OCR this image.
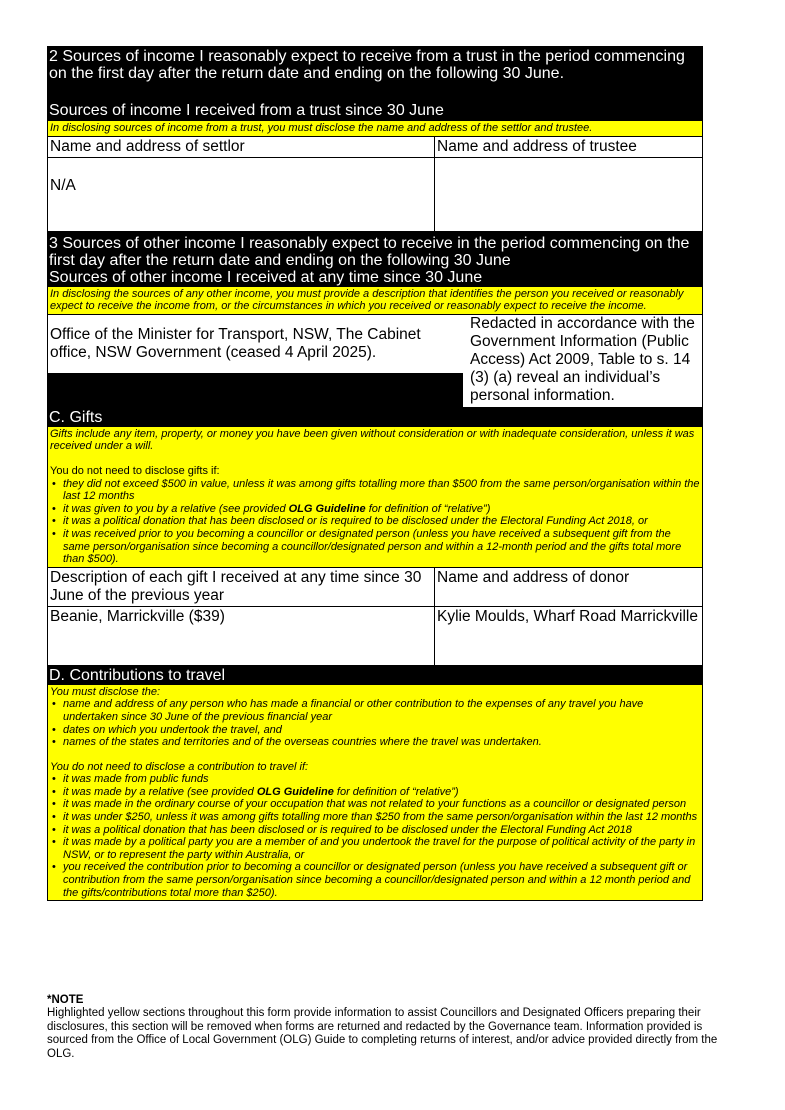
2 Sources of income I reasonably expect to receive from a trust in the period commencing on the first day after the return date and ending on the following 30 June.
Sources of income I received from a trust since 30 June
In disclosing sources of income from a trust, you must disclose the name and address of the settlor and trustee.
Name and address of settlor	Name and address of trustee
N/A
3 Sources of other income I reasonably expect to receive in the period commencing on the first day after the return date and ending on the following 30 June
Sources of other income I received at any time since 30 June
In disclosing the sources of any other income, you must provide a description that identifies the person you received or reasonably expect to receive the income from, or the circumstances in which you received or reasonably expect to receive the income.
Office of the Minister for Transport, NSW, The Cabinet office, NSW Government (ceased 4 April 2025).
Redacted in accordance with the Government Information (Public Access) Act 2009, Table to s. 14 (3) (a) reveal an individual’s personal information.
C. Gifts
Gifts include any item, property, or money you have been given without consideration or with inadequate consideration, unless it was received under a will.
You do not need to disclose gifts if:
• they did not exceed $500 in value, unless it was among gifts totalling more than $500 from the same person/organisation within the last 12 months
• it was given to you by a relative (see provided OLG Guideline for definition of “relative”)
• it was a political donation that has been disclosed or is required to be disclosed under the Electoral Funding Act 2018, or
• it was received prior to you becoming a councillor or designated person (unless you have received a subsequent gift from the same person/organisation since becoming a councillor/designated person and within a 12-month period and the gifts total more than $500).
Description of each gift I received at any time since 30 June of the previous year
Name and address of donor
Beanie, Marrickville ($39)	Kylie Moulds, Wharf Road Marrickville
D. Contributions to travel
You must disclose the:
• name and address of any person who has made a financial or other contribution to the expenses of any travel you have undertaken since 30 June of the previous financial year
• dates on which you undertook the travel, and
• names of the states and territories and of the overseas countries where the travel was undertaken.
You do not need to disclose a contribution to travel if:
• it was made from public funds
• it was made by a relative (see provided OLG Guideline for definition of “relative”)
• it was made in the ordinary course of your occupation that was not related to your functions as a councillor or designated person
• it was under $250, unless it was among gifts totalling more than $250 from the same person/organisation within the last 12 months
• it was a political donation that has been disclosed or is required to be disclosed under the Electoral Funding Act 2018
• it was made by a political party you are a member of and you undertook the travel for the purpose of political activity of the party in NSW, or to represent the party within Australia, or
• you received the contribution prior to becoming a councillor or designated person (unless you have received a subsequent gift or contribution from the same person/organisation since becoming a councillor/designated person and within a 12 month period and the gifts/contributions total more than $250).
*NOTE
Highlighted yellow sections throughout this form provide information to assist Councillors and Designated Officers preparing their disclosures, this section will be removed when forms are returned and redacted by the Governance team. Information provided is sourced from the Office of Local Government (OLG) Guide to completing returns of interest, and/or advice provided directly from the OLG.
